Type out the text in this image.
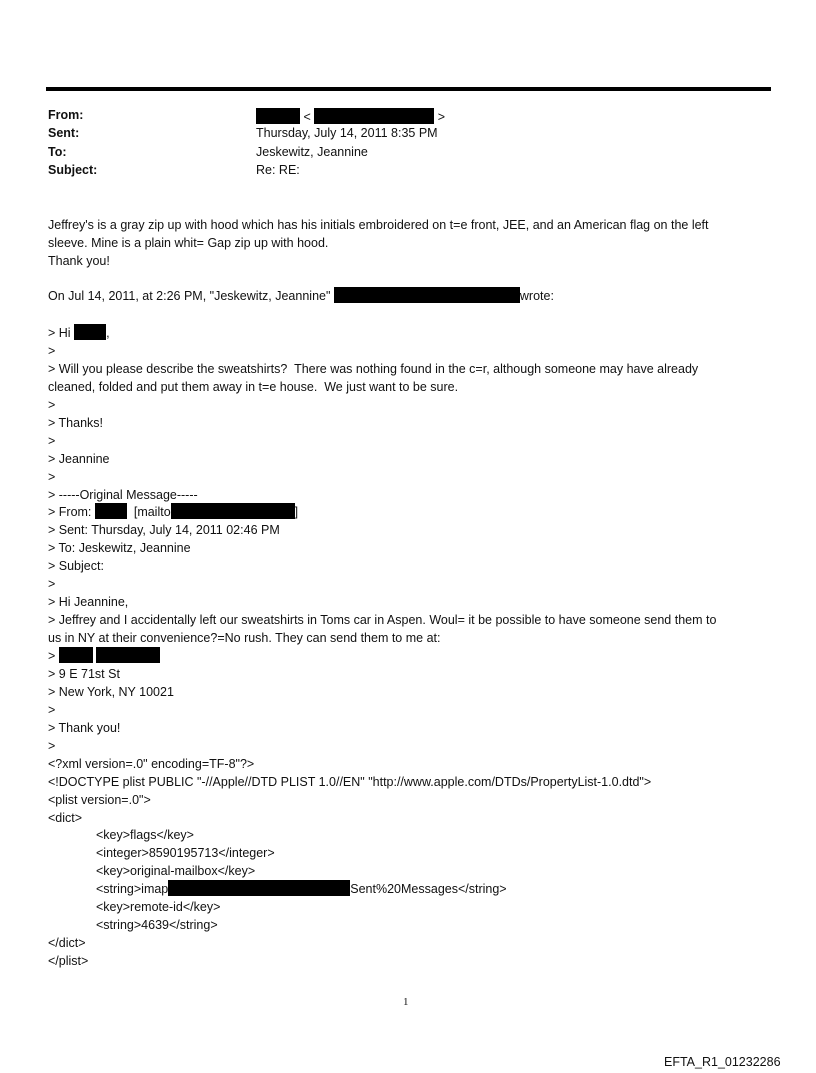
From:	<	>
Sent:	Thursday, July 14, 2011 8:35 PM
To:	Jeskewitz, Jeannine
Subject:	Re: RE:
Jeffrey's is a gray zip up with hood which has his initials embroidered on t=e front, JEE, and an American flag on the left
sleeve. Mine is a plain whit= Gap zip up with hood.
Thank you!
On Jul 14, 2011, at 2:26 PM, "Jeskewitz, Jeannine"	wrote:
> Hi	,
>
> Will you please describe the sweatshirts?  There was nothing found in the c=r, although someone may have already
cleaned, folded and put them away in t=e house.  We just want to be sure.
>
> Thanks!
>
> Jeannine
>
> -----Original Message-----
> From:	[mailto	]
> Sent: Thursday, July 14, 2011 02:46 PM
> To: Jeskewitz, Jeannine
> Subject:
>
> Hi Jeannine,
> Jeffrey and I accidentally left our sweatshirts in Toms car in Aspen. Woul= it be possible to have someone send them to
us in NY at their convenience?=No rush. They can send them to me at:
>
> 9 E 71st St
> New York, NY 10021
>
> Thank you!
>
<?xml version=.0" encoding=TF-8"?>
<!DOCTYPE plist PUBLIC "-//Apple//DTD PLIST 1.0//EN" "http://www.apple.com/DTDs/PropertyList-1.0.dtd">
<plist version=.0">
<dict>
<key>flags</key>
<integer>8590195713</integer>
<key>original-mailbox</key>
<string>imap	Sent%20Messages</string>
<key>remote-id</key>
<string>4639</string>
</dict>
</plist>
1
EFTA_R1_01232286
